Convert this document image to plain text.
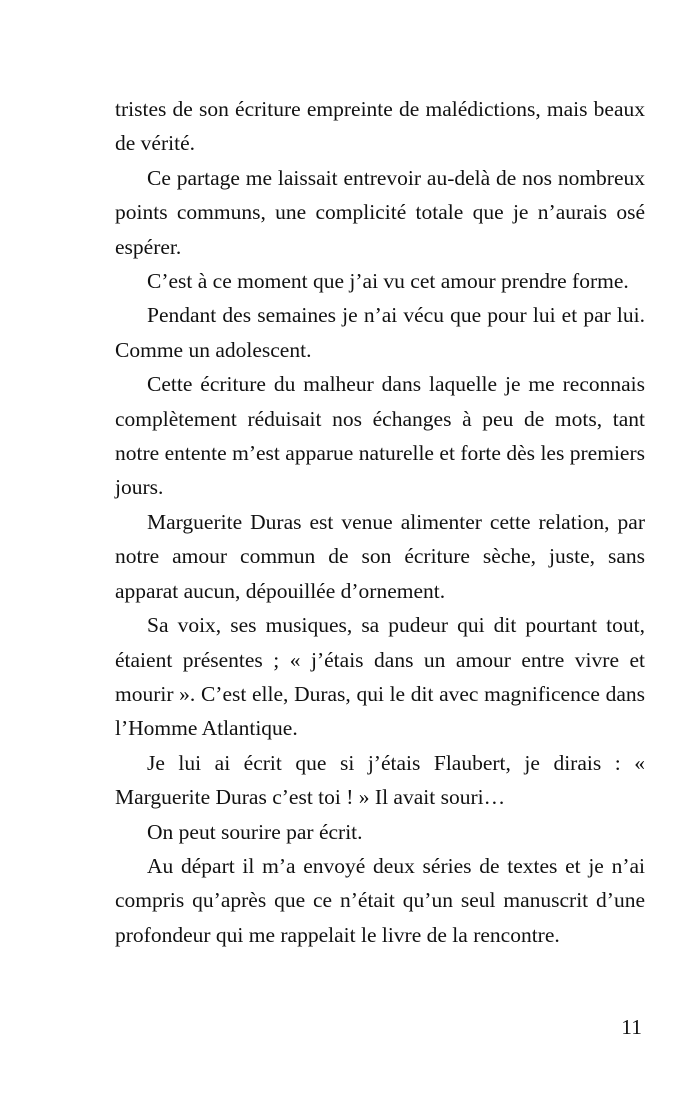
tristes de son écriture empreinte de malédictions, mais beaux de vérité.

Ce partage me laissait entrevoir au-delà de nos nombreux points communs, une complicité totale que je n’aurais osé espérer.

C’est à ce moment que j’ai vu cet amour prendre forme.

Pendant des semaines je n’ai vécu que pour lui et par lui. Comme un adolescent.

Cette écriture du malheur dans laquelle je me reconnais complètement réduisait nos échanges à peu de mots, tant notre entente m’est apparue naturelle et forte dès les premiers jours.

Marguerite Duras est venue alimenter cette relation, par notre amour commun de son écriture sèche, juste, sans apparat aucun, dépouillée d’ornement.

Sa voix, ses musiques, sa pudeur qui dit pourtant tout, étaient présentes ; « j’étais dans un amour entre vivre et mourir ». C’est elle, Duras, qui le dit avec magnificence dans l’Homme Atlantique.

Je lui ai écrit que si j’étais Flaubert, je dirais : « Marguerite Duras c’est toi ! » Il avait souri…

On peut sourire par écrit.

Au départ il m’a envoyé deux séries de textes et je n’ai compris qu’après que ce n’était qu’un seul manuscrit d’une profondeur qui me rappelait le livre de la rencontre.

11
